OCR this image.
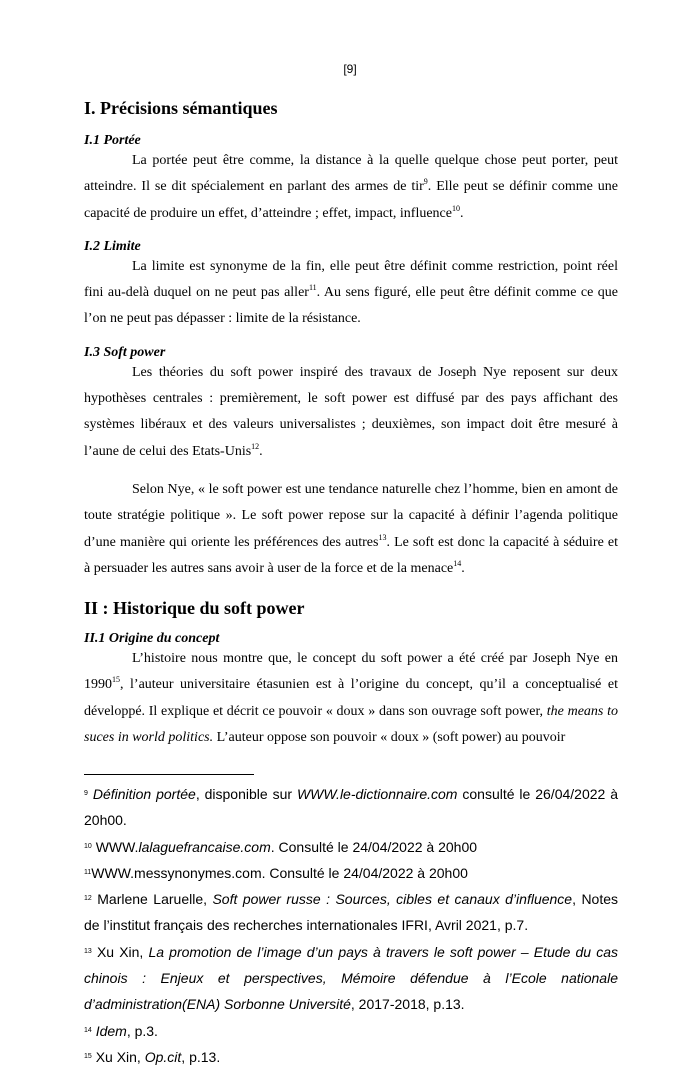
[9]
I. Précisions sémantiques
I.1 Portée

La portée peut être comme, la distance à la quelle quelque chose peut porter, peut atteindre. Il se dit spécialement en parlant des armes de tir$^9$. Elle peut se définir comme une capacité de produire un effet, d’atteindre ; effet, impact, influence$^{10}$.

I.2 Limite

La limite est synonyme de la fin, elle peut être définit comme restriction, point réel fini au-delà duquel on ne peut pas aller$^{11}$. Au sens figuré, elle peut être définit comme ce que l’on ne peut pas dépasser : limite de la résistance.

I.3 Soft power

Les théories du soft power inspiré des travaux de Joseph Nye reposent sur deux hypothèses centrales : premièrement, le soft power est diffusé par des pays affichant des systèmes libéraux et des valeurs universalistes ; deuxièmes, son impact doit être mesuré à l’aune de celui des Etats-Unis$^{12}$.

Selon Nye, « le soft power est une tendance naturelle chez l’homme, bien en amont de toute stratégie politique ». Le soft power repose sur la capacité à définir l’agenda politique d’une manière qui oriente les préférences des autres$^{13}$. Le soft est donc la capacité à séduire et à persuader les autres sans avoir à user de la force et de la menace$^{14}$.

II : Historique du soft power
II.1 Origine du concept

L’histoire nous montre que, le concept du soft power a été créé par Joseph Nye en 1990$^{15}$, l’auteur universitaire étasunien est à l’origine du concept, qu’il a conceptualisé et développé. Il explique et décrit ce pouvoir « doux » dans son ouvrage soft power, the means to suces in world politics. L’auteur oppose son pouvoir « doux » (soft power) au pouvoir

$^9$ Définition portée, disponible sur WWW.le-dictionnaire.com consulté le 26/04/2022 à 20h00.

$^{10}$ WWW.lalaguefrancaise.com. Consulté le 24/04/2022 à 20h00

$^{11}$WWW.messynonymes.com. Consulté le 24/04/2022 à 20h00

$^{12}$ Marlene Laruelle, Soft power russe : Sources, cibles et canaux d’influence, Notes de l’institut français des recherches internationales IFRI, Avril 2021, p.7.

$^{13}$ Xu Xin, La promotion de l’image d’un pays à travers le soft power – Etude du cas chinois : Enjeux et perspectives, Mémoire défendue à l’Ecole nationale d’administration(ENA) Sorbonne Université, 2017-2018, p.13.

$^{14}$ Idem, p.3.

$^{15}$ Xu Xin, Op.cit, p.13.
